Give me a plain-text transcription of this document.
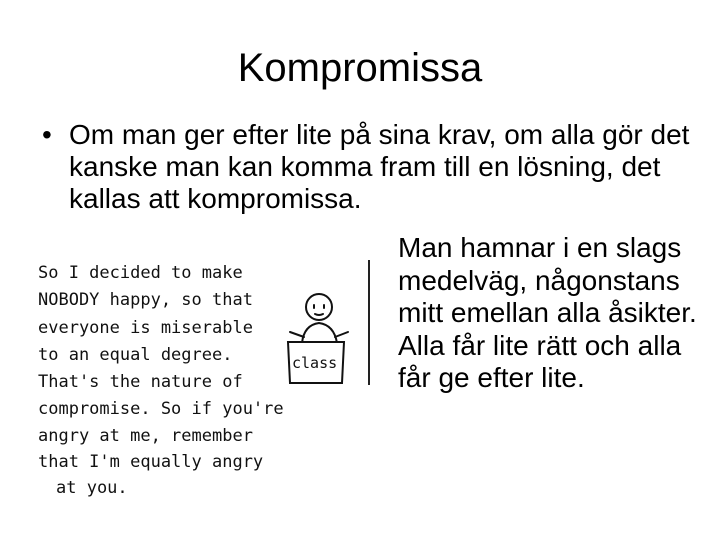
Kompromissa
• Om man ger efter lite på sina krav, om alla gör det kanske man kan komma fram till en lösning, det kallas att kompromissa.
Man hamnar i en slags medelväg, någonstans mitt emellan alla åsikter. Alla får lite rätt och alla får ge efter lite.
So I decided to make
NOBODY happy, so that
everyone is miserable
to an equal degree.
That's the nature of
compromise. So if you're
angry at me, remember
that I'm equally angry
at you.
class
